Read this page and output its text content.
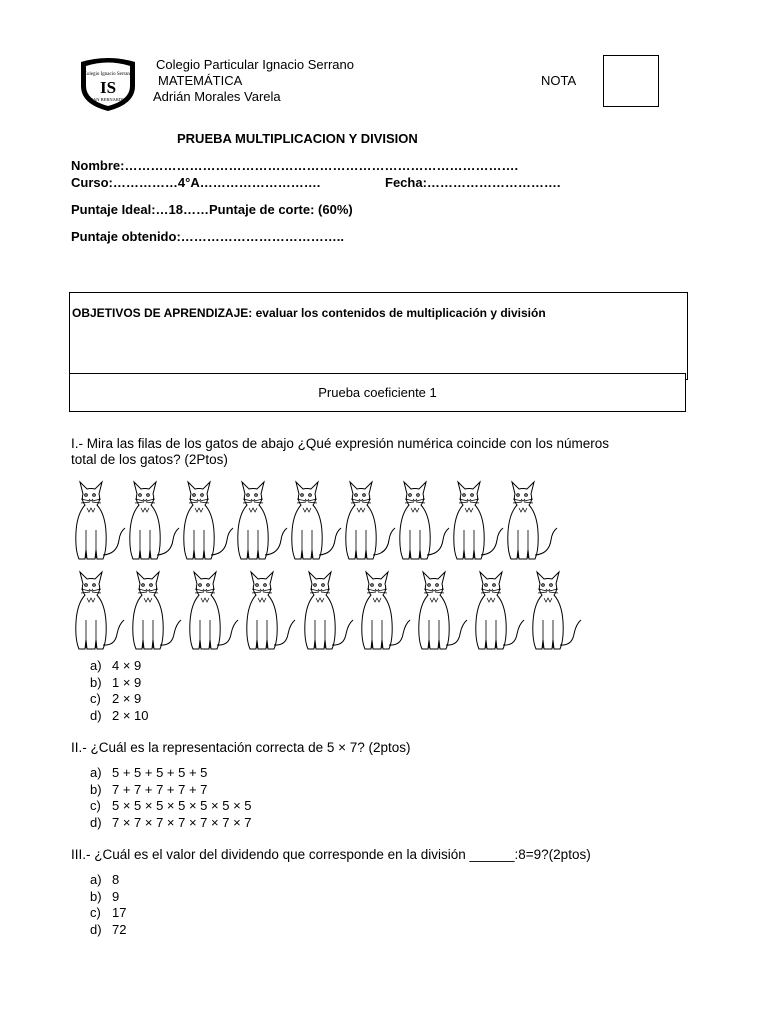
Colegio Ignacio Serrano
IS
SAN BERNARDO
Colegio Particular Ignacio Serrano
MATEMÁTICA
Adrián Morales Varela
NOTA
PRUEBA MULTIPLICACION Y DIVISION
Nombre:……………………………………………………………………………….
Curso:……………4°A……………………….	Fecha:………………………….
Puntaje Ideal:…18……Puntaje de corte: (60%)
Puntaje obtenido:………………………………..
OBJETIVOS DE APRENDIZAJE: evaluar los contenidos de multiplicación y división
Prueba coeficiente 1
I.- Mira las filas de los gatos de abajo ¿Qué expresión numérica coincide con los números
total de los gatos? (2Ptos)
a) 4 × 9
b) 1 × 9
c) 2 × 9
d) 2 × 10
II.- ¿Cuál es la representación correcta de 5 × 7? (2ptos)
a) 5 + 5 + 5 + 5 + 5
b) 7 + 7 + 7 + 7 + 7
c) 5 × 5 × 5 × 5 × 5 × 5 × 5
d) 7 × 7 × 7 × 7 × 7 × 7 × 7
III.- ¿Cuál es el valor del dividendo que corresponde en la división ______:8=9?(2ptos)
a) 8
b) 9
c) 17
d) 72
